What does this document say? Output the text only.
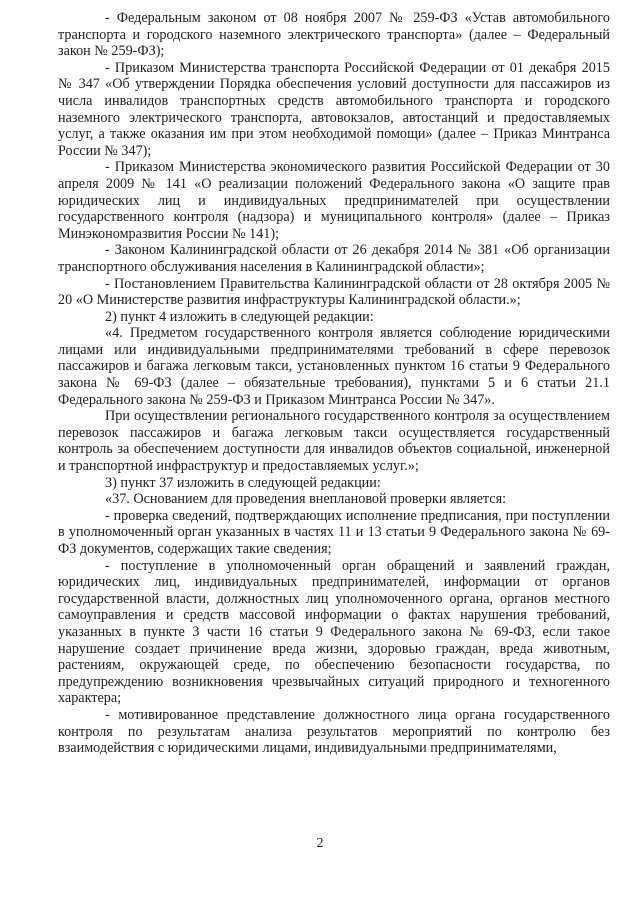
- Федеральным законом от 08 ноября 2007 № 259-ФЗ «Устав автомобильного транспорта и городского наземного электрического транспорта» (далее – Федеральный закон № 259-ФЗ);

- Приказом Министерства транспорта Российской Федерации от 01 декабря 2015 № 347 «Об утверждении Порядка обеспечения условий доступности для пассажиров из числа инвалидов транспортных средств автомобильного транспорта и городского наземного электрического транспорта, автовокзалов, автостанций и предоставляемых услуг, а также оказания им при этом необходимой помощи» (далее – Приказ Минтранса России № 347);

- Приказом Министерства экономического развития Российской Федерации от 30 апреля 2009 № 141 «О реализации положений Федерального закона «О защите прав юридических лиц и индивидуальных предпринимателей при осуществлении государственного контроля (надзора) и муниципального контроля» (далее – Приказ Минэкономразвития России № 141);

- Законом Калининградской области от 26 декабря 2014 № 381 «Об организации транспортного обслуживания населения в Калининградской области»;

- Постановлением Правительства Калининградской области от 28 октября 2005 № 20 «О Министерстве развития инфраструктуры Калининградской области.»;

2) пункт 4 изложить в следующей редакции:

«4. Предметом государственного контроля является соблюдение юридическими лицами или индивидуальными предпринимателями требований в сфере перевозок пассажиров и багажа легковым такси, установленных пунктом 16 статьи 9 Федерального закона № 69-ФЗ (далее – обязательные требования), пунктами 5 и 6 статьи 21.1 Федерального закона № 259-ФЗ и Приказом Минтранса России № 347».

При осуществлении регионального государственного контроля за осуществлением перевозок пассажиров и багажа легковым такси осуществляется государственный контроль за обеспечением доступности для инвалидов объектов социальной, инженерной и транспортной инфраструктур и предоставляемых услуг.»;

3) пункт 37 изложить в следующей редакции:

«37. Основанием для проведения внеплановой проверки является:

- проверка сведений, подтверждающих исполнение предписания, при поступлении в уполномоченный орган указанных в частях 11 и 13 статьи 9 Федерального закона № 69-ФЗ документов, содержащих такие сведения;

- поступление в уполномоченный орган обращений и заявлений граждан, юридических лиц, индивидуальных предпринимателей, информации от органов государственной власти, должностных лиц уполномоченного органа, органов местного самоуправления и средств массовой информации о фактах нарушения требований, указанных в пункте 3 части 16 статьи 9 Федерального закона № 69-ФЗ, если такое нарушение создает причинение вреда жизни, здоровью граждан, вреда животным, растениям, окружающей среде, по обеспечению безопасности государства, по предупреждению возникновения чрезвычайных ситуаций природного и техногенного характера;

- мотивированное представление должностного лица органа государственного контроля по результатам анализа результатов мероприятий по контролю без взаимодействия с юридическими лицами, индивидуальными предпринимателями,

2
